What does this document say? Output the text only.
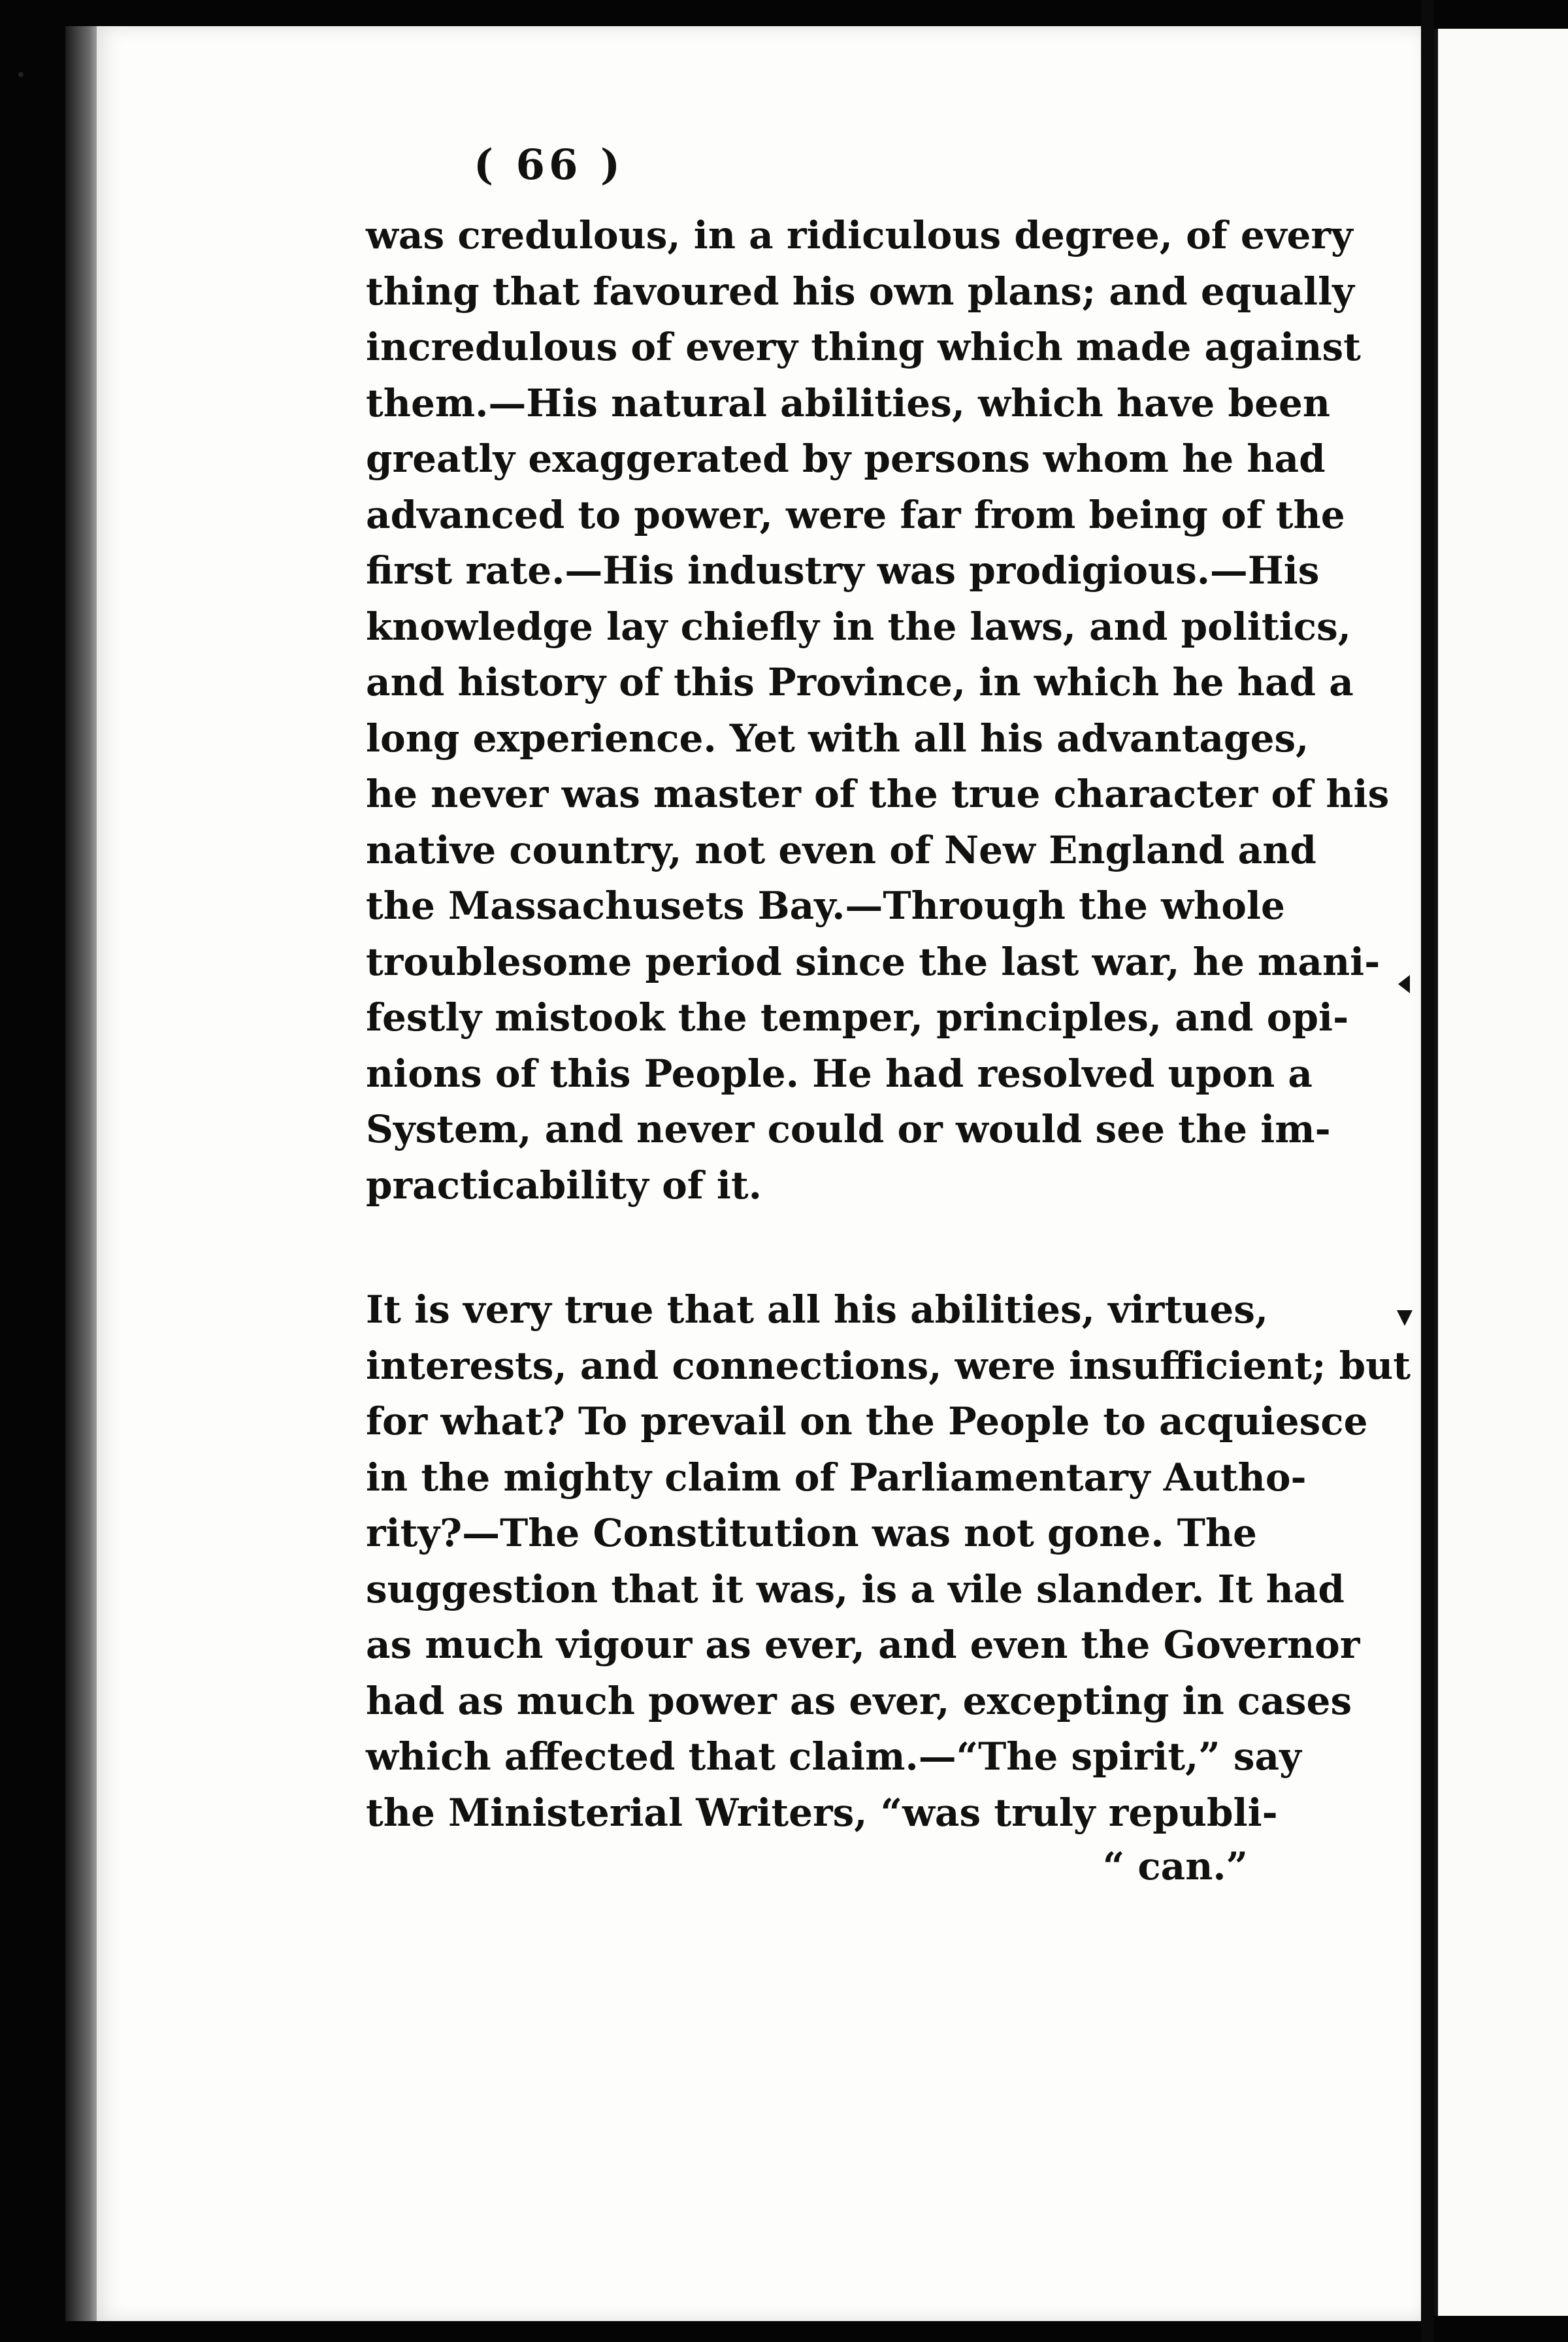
( 66 )

was credulous, in a ridiculous degree, of every
thing that favoured his own plans; and equally
incredulous of every thing which made against
them.—His natural abilities, which have been
greatly exaggerated by persons whom he had
advanced to power, were far from being of the
first rate.—His industry was prodigious.—His
knowledge lay chiefly in the laws, and politics,
and history of this Province, in which he had a
long experience. Yet with all his advantages,
he never was master of the true character of his
native country, not even of New England and
the Massachusets Bay.—Through the whole
troublesome period since the last war, he mani-
festly mistook the temper, principles, and opi-
nions of this People. He had resolved upon a
System, and never could or would see the im-
practicability of it.

It is very true that all his abilities, virtues,
interests, and connections, were insufficient; but
for what? To prevail on the People to acquiesce
in the mighty claim of Parliamentary Autho-
rity?—The Constitution was not gone. The
suggestion that it was, is a vile slander. It had
as much vigour as ever, and even the Governor
had as much power as ever, excepting in cases
which affected that claim.—“The spirit,” say
the Ministerial Writers, “was truly republi-

“ can.”
